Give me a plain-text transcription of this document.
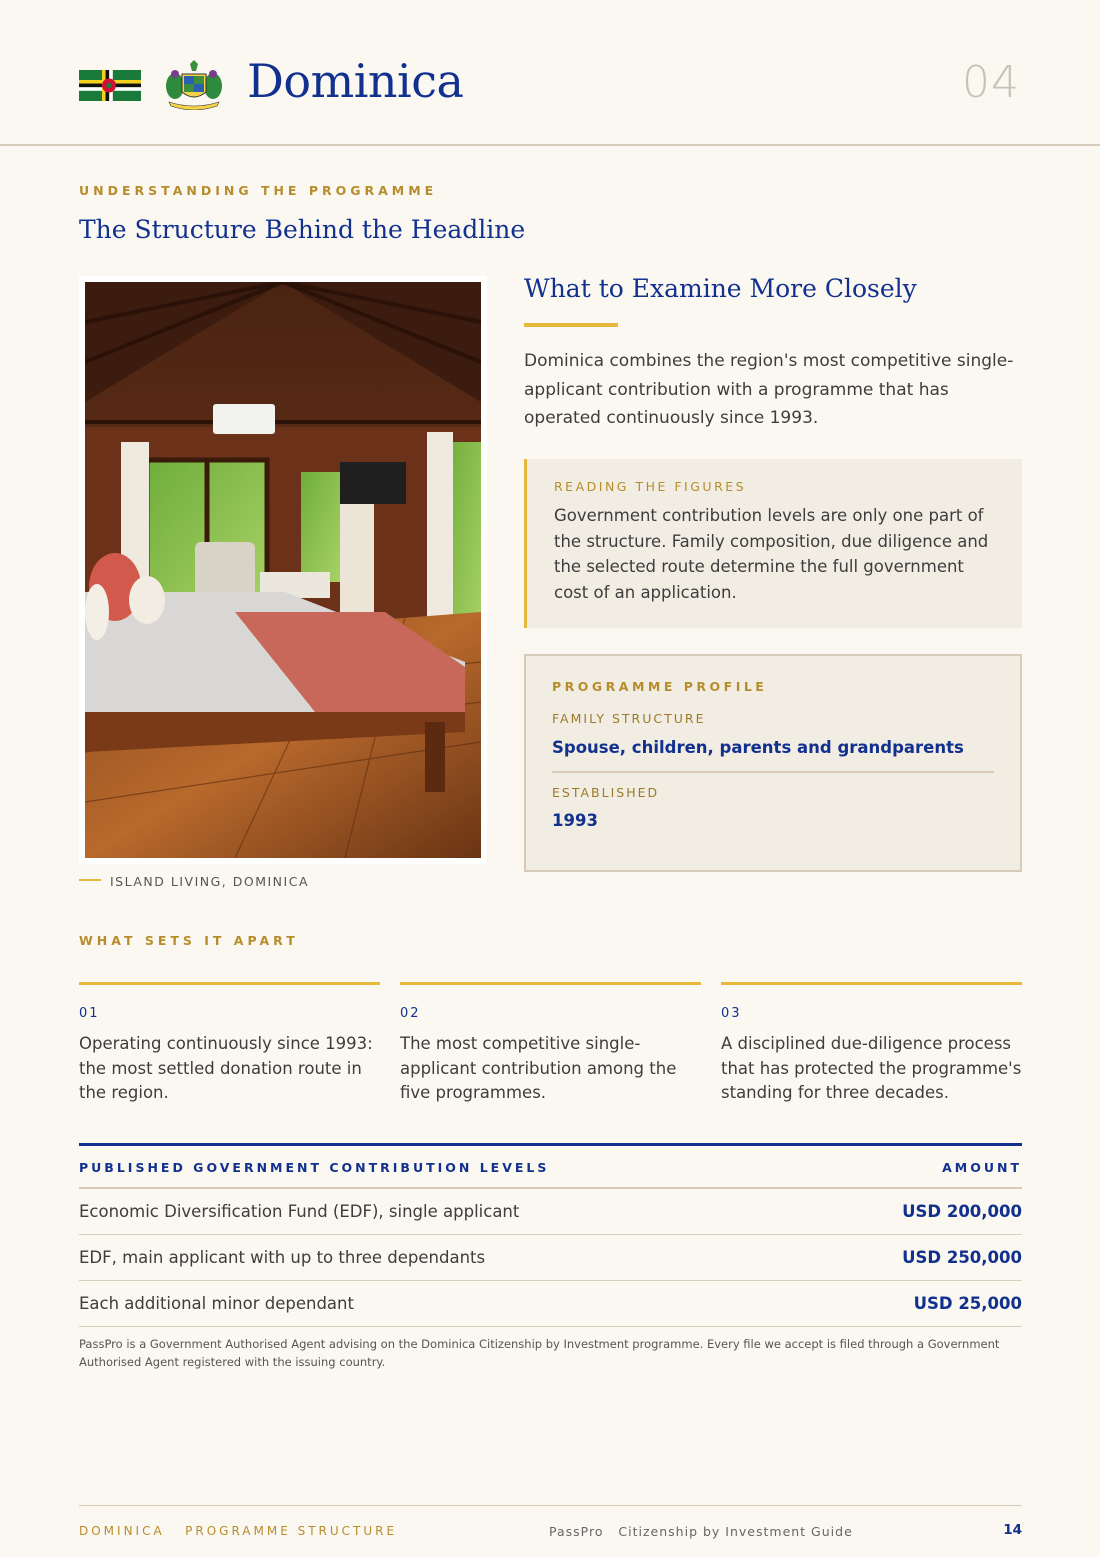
Dominica	04
UNDERSTANDING THE PROGRAMME
The Structure Behind the Headline
ISLAND LIVING, DOMINICA
What to Examine More Closely
Dominica combines the region's most competitive single-applicant contribution with a programme that has operated continuously since 1993.
READING THE FIGURES
Government contribution levels are only one part of the structure. Family composition, due diligence and the selected route determine the full government cost of an application.
PROGRAMME PROFILE
FAMILY STRUCTURE
Spouse, children, parents and grandparents
ESTABLISHED
1993
WHAT SETS IT APART
01
Operating continuously since 1993: the most settled donation route in the region.
02
The most competitive single-applicant contribution among the five programmes.
03
A disciplined due-diligence process that has protected the programme's standing for three decades.
PUBLISHED GOVERNMENT CONTRIBUTION LEVELS	AMOUNT
Economic Diversification Fund (EDF), single applicant	USD 200,000
EDF, main applicant with up to three dependants	USD 250,000
Each additional minor dependant	USD 25,000
PassPro is a Government Authorised Agent advising on the Dominica Citizenship by Investment programme. Every file we accept is filed through a Government Authorised Agent registered with the issuing country.
DOMINICA   PROGRAMME STRUCTURE	PassPro   Citizenship by Investment Guide	14
